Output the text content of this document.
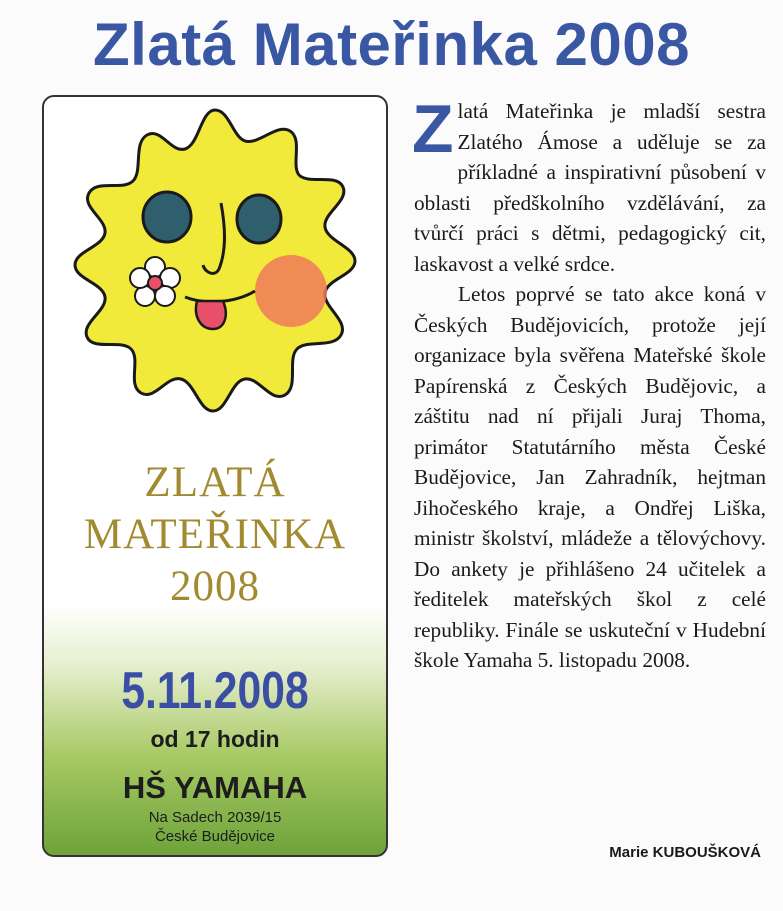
Zlatá Mateřinka 2008
ZLATÁ
MATEŘINKA
2008
5.11.2008
od 17 hodin
HŠ YAMAHA
Na Sadech 2039/15
České Budějovice

Zlatá Mateřinka je mladší sestra Zlatého Ámose a uděluje se za příkladné a inspirativní působení v oblasti předškolního vzdělávání, za tvůrčí práci s dětmi, pedagogický cit, laskavost a velké srdce.

Letos poprvé se tato akce koná v Českých Budějovicích, protože její organizace byla svěřena Mateřské škole Papírenská z Českých Budějovic, a záštitu nad ní přijali Juraj Thoma, primátor Statutárního města České Budějovice, Jan Zahradník, hejtman Jihočeského kraje, a Ondřej Liška, ministr školství, mládeže a tělovýchovy. Do ankety je přihlášeno 24 učitelek a ředitelek mateřských škol z celé republiky. Finále se uskuteční v Hudební škole Yamaha 5. listopadu 2008.

Marie KUBOUŠKOVÁ
